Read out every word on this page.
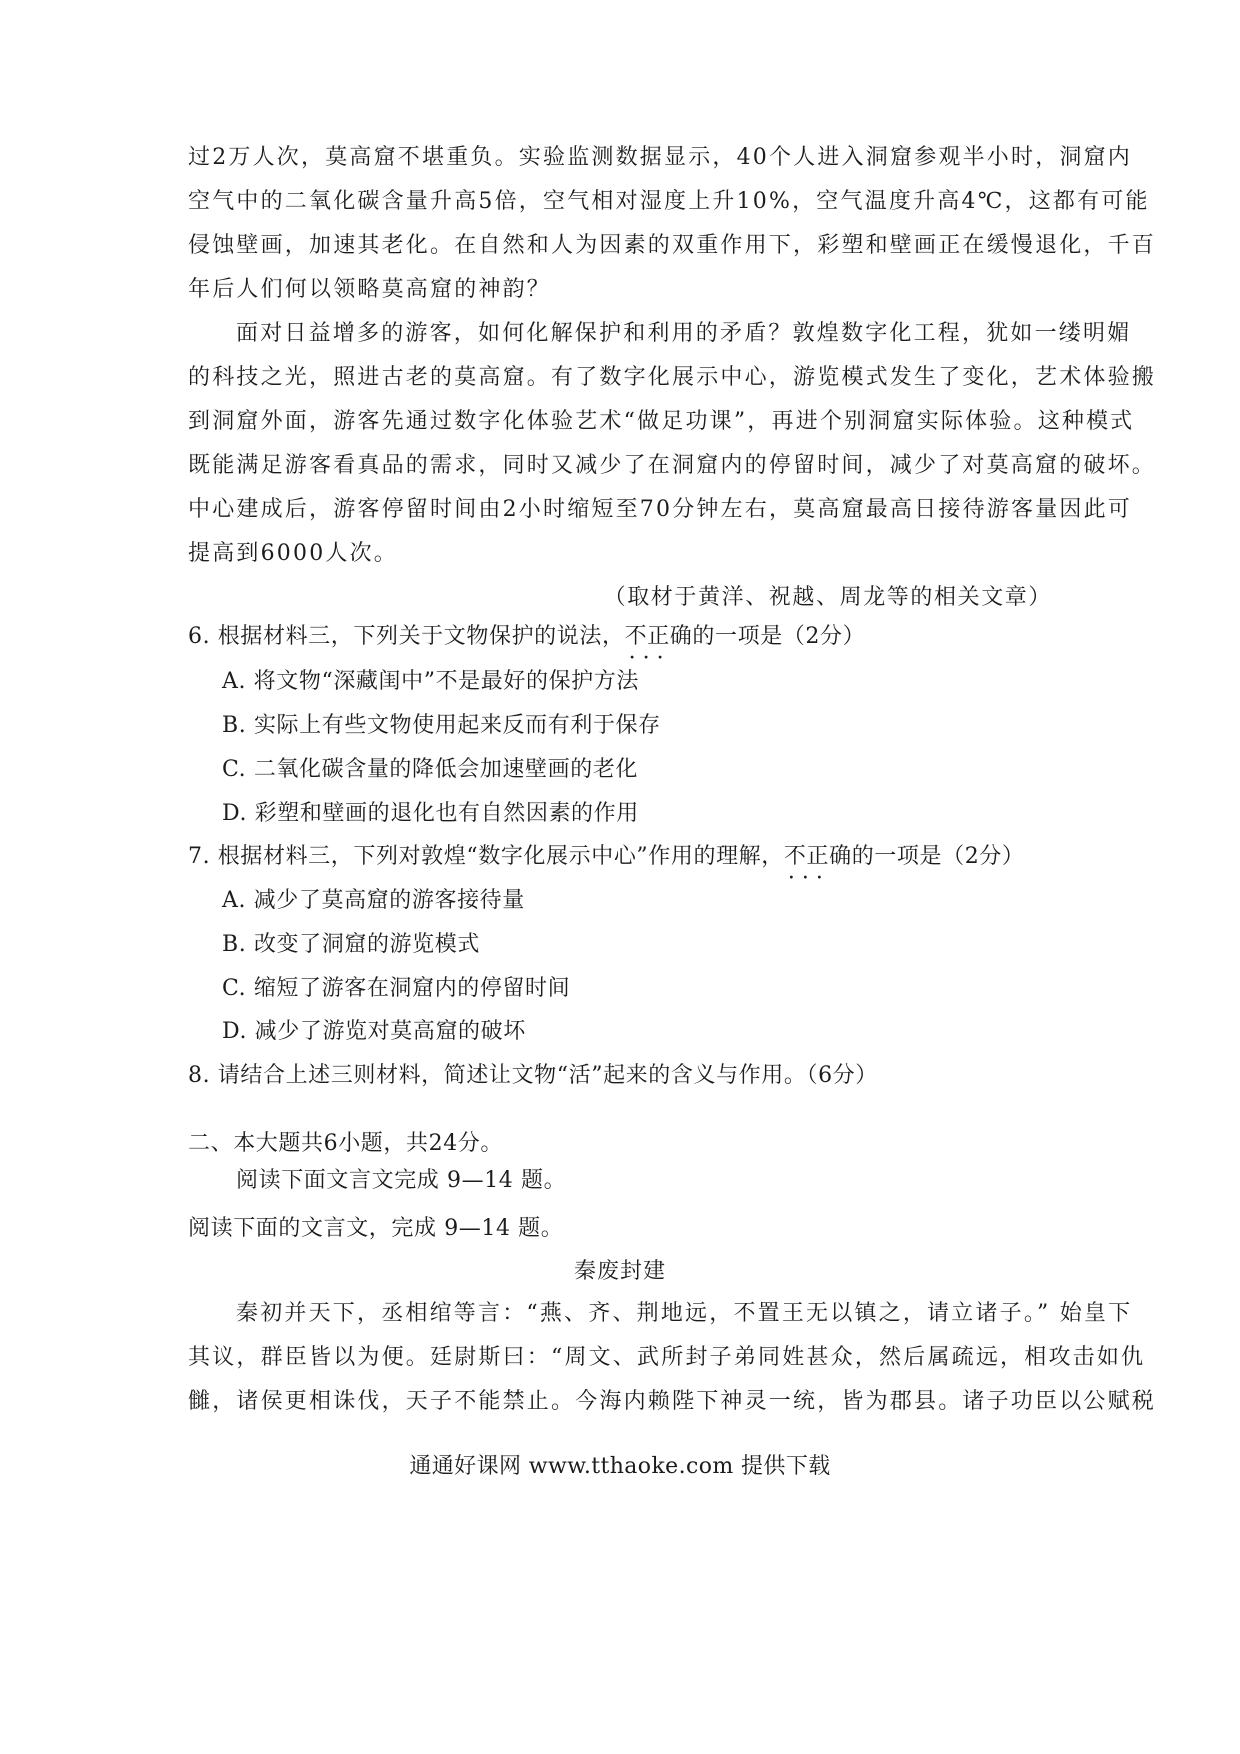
过2万人次，莫高窟不堪重负。实验监测数据显示，40个人进入洞窟参观半小时，洞窟内
空气中的二氧化碳含量升高5倍，空气相对湿度上升10%，空气温度升高4℃，这都有可能
侵蚀壁画，加速其老化。在自然和人为因素的双重作用下，彩塑和壁画正在缓慢退化，千百
年后人们何以领略莫高窟的神韵？
面对日益增多的游客，如何化解保护和利用的矛盾？敦煌数字化工程，犹如一缕明媚
的科技之光，照进古老的莫高窟。有了数字化展示中心，游览模式发生了变化，艺术体验搬
到洞窟外面，游客先通过数字化体验艺术“做足功课”，再进个别洞窟实际体验。这种模式
既能满足游客看真品的需求，同时又减少了在洞窟内的停留时间，减少了对莫高窟的破坏。
中心建成后，游客停留时间由2小时缩短至70分钟左右，莫高窟最高日接待游客量因此可
提高到6000人次。
（取材于黄洋、祝越、周龙等的相关文章）
6. 根据材料三，下列关于文物保护的说法，不正确 · · ·的一项是（2分）
A. 将文物“深藏闺中”不是最好的保护方法
B. 实际上有些文物使用起来反而有利于保存
C. 二氧化碳含量的降低会加速壁画的老化
D. 彩塑和壁画的退化也有自然因素的作用
7. 根据材料三，下列对敦煌“数字化展示中心”作用的理解，不正确 · · ·的一项是（2分）
A. 减少了莫高窟的游客接待量
B. 改变了洞窟的游览模式
C. 缩短了游客在洞窟内的停留时间
D. 减少了游览对莫高窟的破坏
8. 请结合上述三则材料，简述让文物“活”起来的含义与作用。（6分）
二、本大题共6小题，共24分。
阅读下面文言文完成 9—14 题。
阅读下面的文言文，完成 9—14 题。
秦废封建
秦初并天下，丞相绾等言：“燕、齐、荆地远，不置王无以镇之，请立诸子。” 始皇下
其议，群臣皆以为便。廷尉斯曰：“周文、武所封子弟同姓甚众，然后属疏远，相攻击如仇
雠，诸侯更相诛伐，天子不能禁止。今海内赖陛下神灵一统，皆为郡县。诸子功臣以公赋税
通通好课网 www.tthaoke.com 提供下载
